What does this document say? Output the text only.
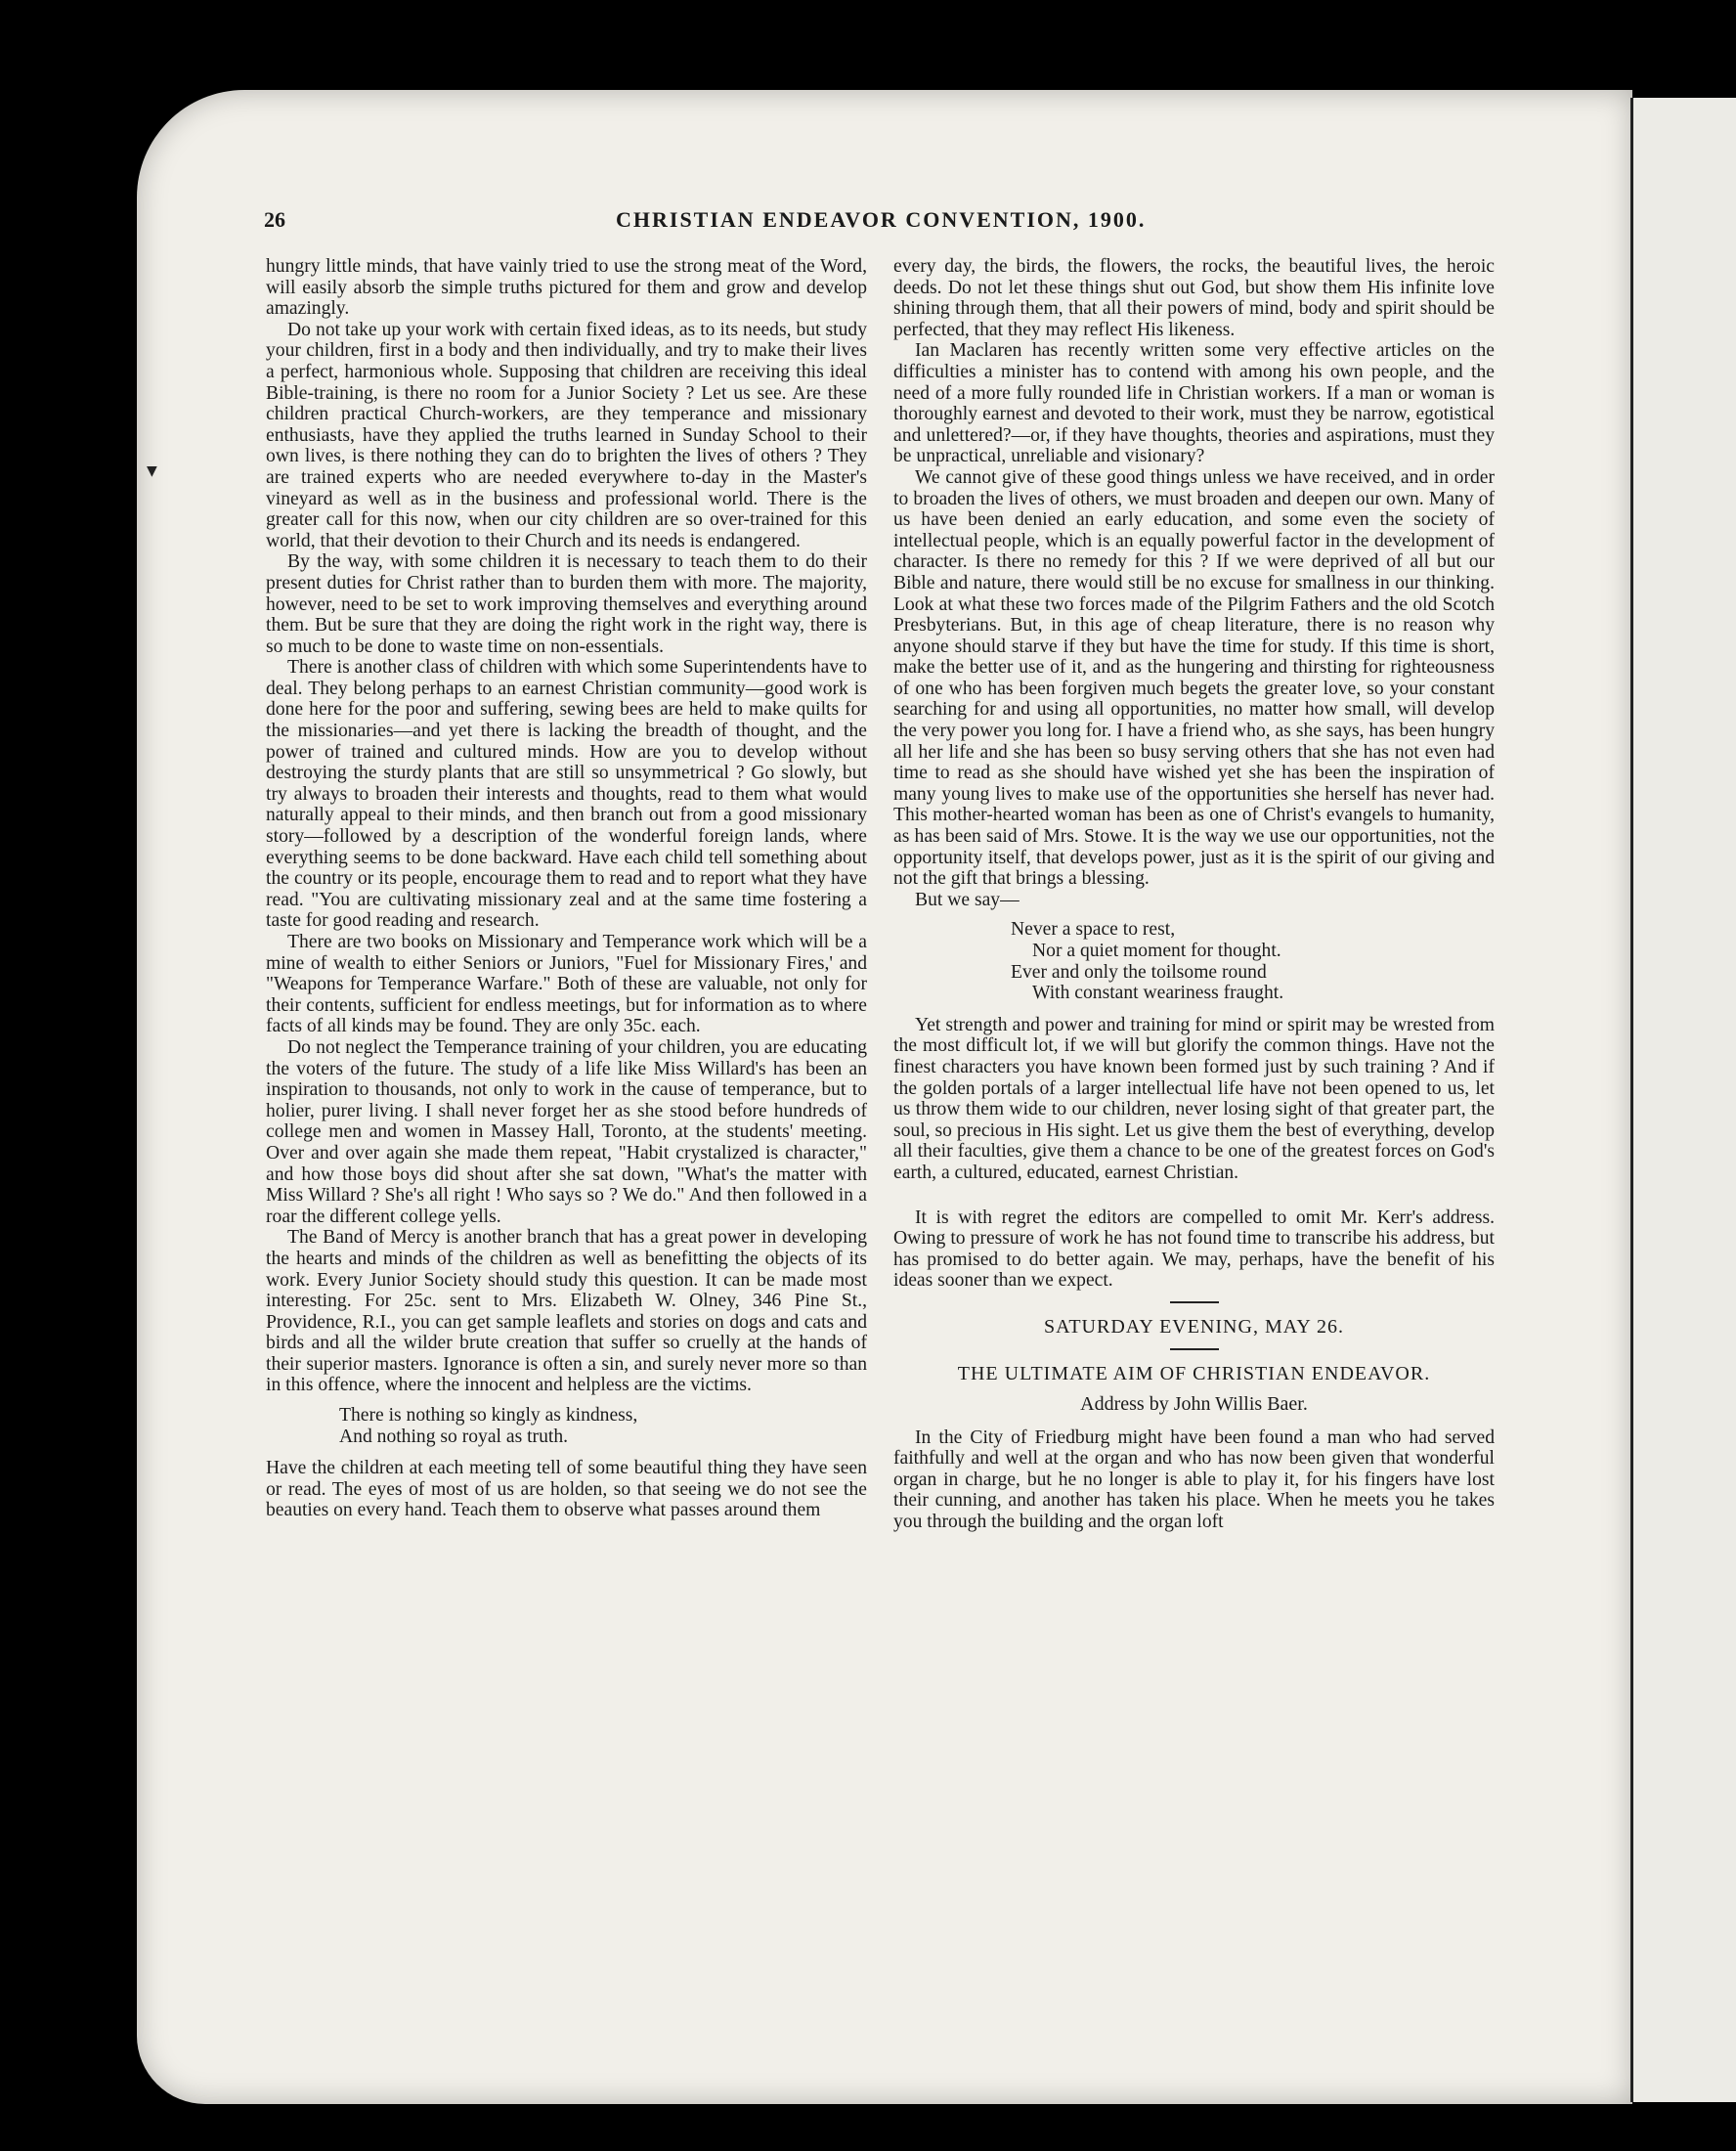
▼
26	CHRISTIAN ENDEAVOR CONVENTION, 1900.

hungry little minds, that have vainly tried to use the strong meat of the Word, will easily absorb the simple truths pictured for them and grow and develop amazingly.

Do not take up your work with certain fixed ideas, as to its needs, but study your children, first in a body and then individually, and try to make their lives a perfect, harmonious whole. Supposing that children are receiving this ideal Bible-training, is there no room for a Junior Society ? Let us see. Are these children practical Church-workers, are they temperance and missionary enthusiasts, have they applied the truths learned in Sunday School to their own lives, is there nothing they can do to brighten the lives of others ? They are trained experts who are needed everywhere to-day in the Master's vineyard as well as in the business and professional world. There is the greater call for this now, when our city children are so over-trained for this world, that their devotion to their Church and its needs is endangered.

By the way, with some children it is necessary to teach them to do their present duties for Christ rather than to burden them with more. The majority, however, need to be set to work improving themselves and everything around them. But be sure that they are doing the right work in the right way, there is so much to be done to waste time on non-essentials.

There is another class of children with which some Superintendents have to deal. They belong perhaps to an earnest Christian community—good work is done here for the poor and suffering, sewing bees are held to make quilts for the missionaries—and yet there is lacking the breadth of thought, and the power of trained and cultured minds. How are you to develop without destroying the sturdy plants that are still so unsymmetrical ? Go slowly, but try always to broaden their interests and thoughts, read to them what would naturally appeal to their minds, and then branch out from a good missionary story—followed by a description of the wonderful foreign lands, where everything seems to be done backward. Have each child tell something about the country or its people, encourage them to read and to report what they have read. "You are cultivating missionary zeal and at the same time fostering a taste for good reading and research.

There are two books on Missionary and Temperance work which will be a mine of wealth to either Seniors or Juniors, "Fuel for Missionary Fires,' and "Weapons for Temperance Warfare." Both of these are valuable, not only for their contents, sufficient for endless meetings, but for information as to where facts of all kinds may be found. They are only 35c. each.

Do not neglect the Temperance training of your children, you are educating the voters of the future. The study of a life like Miss Willard's has been an inspiration to thousands, not only to work in the cause of temperance, but to holier, purer living. I shall never forget her as she stood before hundreds of college men and women in Massey Hall, Toronto, at the students' meeting. Over and over again she made them repeat, "Habit crystalized is character," and how those boys did shout after she sat down, "What's the matter with Miss Willard ? She's all right ! Who says so ? We do." And then followed in a roar the different college yells.

The Band of Mercy is another branch that has a great power in developing the hearts and minds of the children as well as benefitting the objects of its work. Every Junior Society should study this question. It can be made most interesting. For 25c. sent to Mrs. Elizabeth W. Olney, 346 Pine St., Providence, R.I., you can get sample leaflets and stories on dogs and cats and birds and all the wilder brute creation that suffer so cruelly at the hands of their superior masters. Ignorance is often a sin, and surely never more so than in this offence, where the innocent and helpless are the victims.

There is nothing so kingly as kindness,
And nothing so royal as truth.

Have the children at each meeting tell of some beautiful thing they have seen or read. The eyes of most of us are holden, so that seeing we do not see the beauties on every hand. Teach them to observe what passes around them

every day, the birds, the flowers, the rocks, the beautiful lives, the heroic deeds. Do not let these things shut out God, but show them His infinite love shining through them, that all their powers of mind, body and spirit should be perfected, that they may reflect His likeness.

Ian Maclaren has recently written some very effective articles on the difficulties a minister has to contend with among his own people, and the need of a more fully rounded life in Christian workers. If a man or woman is thoroughly earnest and devoted to their work, must they be narrow, egotistical and unlettered?—or, if they have thoughts, theories and aspirations, must they be unpractical, unreliable and visionary?

We cannot give of these good things unless we have received, and in order to broaden the lives of others, we must broaden and deepen our own. Many of us have been denied an early education, and some even the society of intellectual people, which is an equally powerful factor in the development of character. Is there no remedy for this ? If we were deprived of all but our Bible and nature, there would still be no excuse for smallness in our thinking. Look at what these two forces made of the Pilgrim Fathers and the old Scotch Presbyterians. But, in this age of cheap literature, there is no reason why anyone should starve if they but have the time for study. If this time is short, make the better use of it, and as the hungering and thirsting for righteousness of one who has been forgiven much begets the greater love, so your constant searching for and using all opportunities, no matter how small, will develop the very power you long for. I have a friend who, as she says, has been hungry all her life and she has been so busy serving others that she has not even had time to read as she should have wished yet she has been the inspiration of many young lives to make use of the opportunities she herself has never had. This mother-hearted woman has been as one of Christ's evangels to humanity, as has been said of Mrs. Stowe. It is the way we use our opportunities, not the opportunity itself, that develops power, just as it is the spirit of our giving and not the gift that brings a blessing.

But we say—

Never a space to rest,
Nor a quiet moment for thought.
Ever and only the toilsome round
With constant weariness fraught.

Yet strength and power and training for mind or spirit may be wrested from the most difficult lot, if we will but glorify the common things. Have not the finest characters you have known been formed just by such training ? And if the golden portals of a larger intellectual life have not been opened to us, let us throw them wide to our children, never losing sight of that greater part, the soul, so precious in His sight. Let us give them the best of everything, develop all their faculties, give them a chance to be one of the greatest forces on God's earth, a cultured, educated, earnest Christian.

It is with regret the editors are compelled to omit Mr. Kerr's address. Owing to pressure of work he has not found time to transcribe his address, but has promised to do better again. We may, perhaps, have the benefit of his ideas sooner than we expect.

SATURDAY EVENING, MAY 26.
THE ULTIMATE AIM OF CHRISTIAN ENDEAVOR.
Address by John Willis Baer.

In the City of Friedburg might have been found a man who had served faithfully and well at the organ and who has now been given that wonderful organ in charge, but he no longer is able to play it, for his fingers have lost their cunning, and another has taken his place. When he meets you he takes you through the building and the organ loft
